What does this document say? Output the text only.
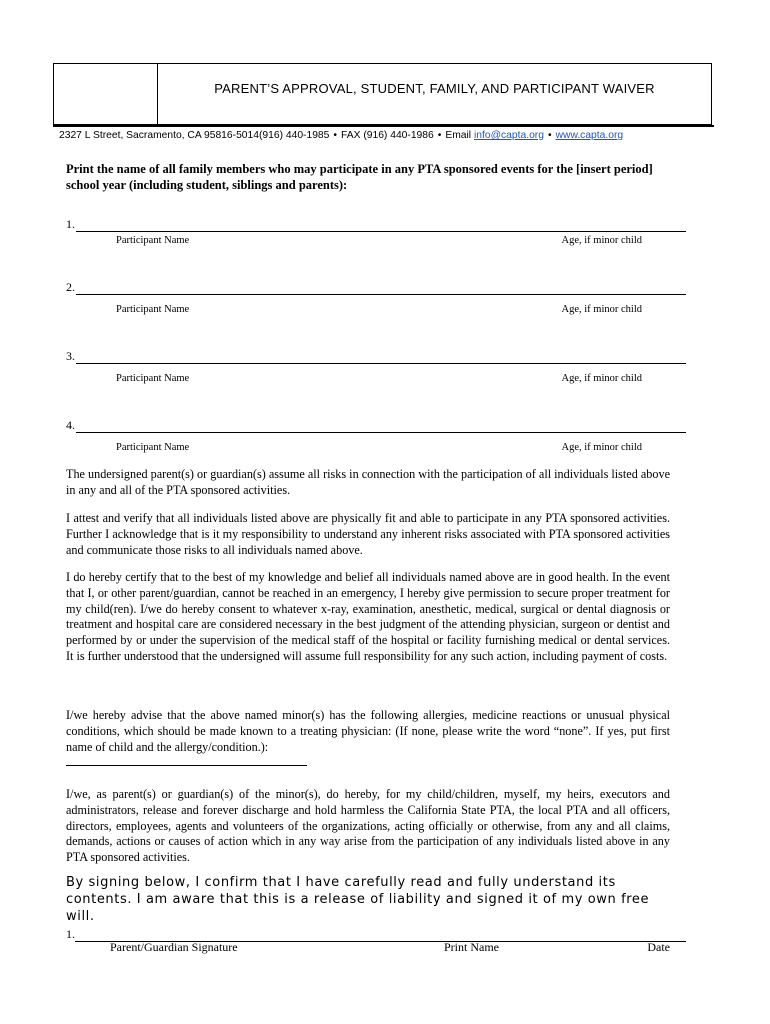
PARENT’S APPROVAL, STUDENT, FAMILY, AND PARTICIPANT WAIVER
2327 L Street, Sacramento, CA 95816-5014(916) 440-1985 • FAX (916) 440-1986 • Email info@capta.org • www.capta.org
Print the name of all family members who may participate in any PTA sponsored events for the [insert period] school year (including student, siblings and parents):
1.
Participant Name	Age, if minor child
2.
Participant Name	Age, if minor child
3.
Participant Name	Age, if minor child
4.
Participant Name	Age, if minor child
The undersigned parent(s) or guardian(s) assume all risks in connection with the participation of all individuals listed above in any and all of the PTA sponsored activities.
I attest and verify that all individuals listed above are physically fit and able to participate in any PTA sponsored activities. Further I acknowledge that is it my responsibility to understand any inherent risks associated with PTA sponsored activities and communicate those risks to all individuals named above.
I do hereby certify that to the best of my knowledge and belief all individuals named above are in good health. In the event that I, or other parent/guardian, cannot be reached in an emergency, I hereby give permission to secure proper treatment for my child(ren). I/we do hereby consent to whatever x-ray, examination, anesthetic, medical, surgical or dental diagnosis or treatment and hospital care are considered necessary in the best judgment of the attending physician, surgeon or dentist and performed by or under the supervision of the medical staff of the hospital or facility furnishing medical or dental services. It is further understood that the undersigned will assume full responsibility for any such action, including payment of costs.
I/we hereby advise that the above named minor(s) has the following allergies, medicine reactions or unusual physical conditions, which should be made known to a treating physician: (If none, please write the word “none”. If yes, put first name of child and the allergy/condition.):
I/we, as parent(s) or guardian(s) of the minor(s), do hereby, for my child/children, myself, my heirs, executors and administrators, release and forever discharge and hold harmless the California State PTA, the local PTA and all officers, directors, employees, agents and volunteers of the organizations, acting officially or otherwise, from any and all claims, demands, actions or causes of action which in any way arise from the participation of any individuals listed above in any PTA sponsored activities.
By signing below, I confirm that I have carefully read and fully understand its contents. I am aware that this is a release of liability and signed it of my own free will.
1.
Parent/Guardian Signature	Print Name	Date
